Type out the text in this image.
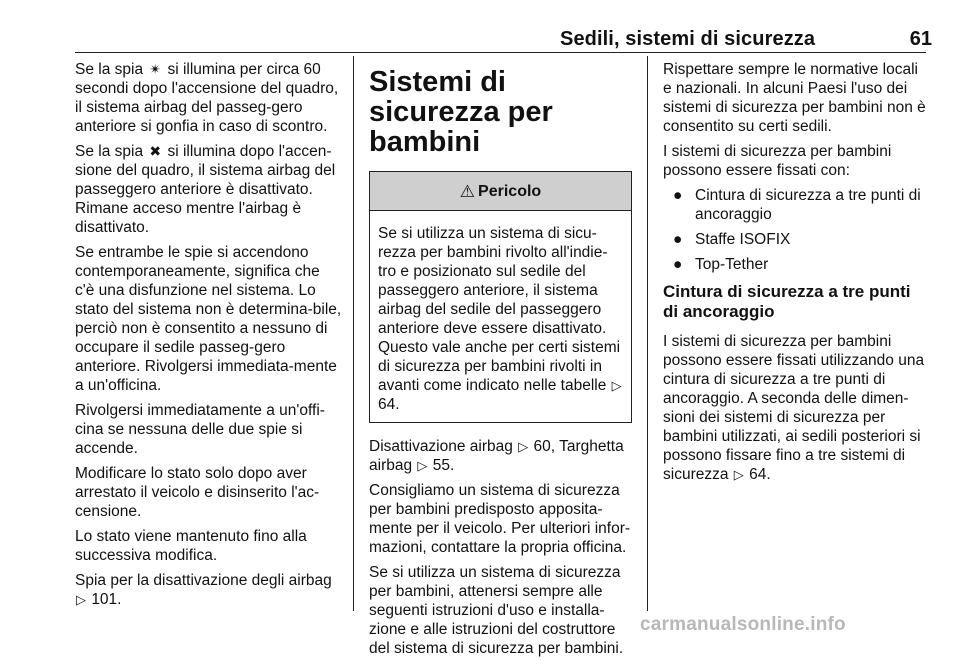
Sedili, sistemi di sicurezza	61

Se la spia ✴ si illumina per circa 60 secondi dopo l'accensione del quadro, il sistema airbag del passeg-gero anteriore si gonfia in caso di scontro.

Se la spia ✖ si illumina dopo l'accen-sione del quadro, il sistema airbag del passeggero anteriore è disattivato. Rimane acceso mentre l'airbag è disattivato.

Se entrambe le spie si accendono contemporaneamente, significa che c'è una disfunzione nel sistema. Lo stato del sistema non è determina-bile, perciò non è consentito a nessuno di occupare il sedile passeg-gero anteriore. Rivolgersi immediata-mente a un'officina.

Rivolgersi immediatamente a un'offi-cina se nessuna delle due spie si accende.

Modificare lo stato solo dopo aver arrestato il veicolo e disinserito l'ac-censione.

Lo stato viene mantenuto fino alla successiva modifica.

Spia per la disattivazione degli airbag ▷ 101.

Sistemi di sicurezza per bambini
⚠ Pericolo
Se si utilizza un sistema di sicu-rezza per bambini rivolto all'indie-tro e posizionato sul sedile del passeggero anteriore, il sistema airbag del sedile del passeggero anteriore deve essere disattivato. Questo vale anche per certi sistemi di sicurezza per bambini rivolti in avanti come indicato nelle tabelle ▷ 64.

Disattivazione airbag ▷ 60, Targhetta airbag ▷ 55.

Consigliamo un sistema di sicurezza per bambini predisposto apposita-mente per il veicolo. Per ulteriori infor-mazioni, contattare la propria officina.

Se si utilizza un sistema di sicurezza per bambini, attenersi sempre alle seguenti istruzioni d'uso e installa-zione e alle istruzioni del costruttore del sistema di sicurezza per bambini.

Rispettare sempre le normative locali e nazionali. In alcuni Paesi l'uso dei sistemi di sicurezza per bambini non è consentito su certi sedili.

I sistemi di sicurezza per bambini possono essere fissati con:

● Cintura di sicurezza a tre punti di ancoraggio
● Staffe ISOFIX
● Top-Tether
Cintura di sicurezza a tre punti di ancoraggio

I sistemi di sicurezza per bambini possono essere fissati utilizzando una cintura di sicurezza a tre punti di ancoraggio. A seconda delle dimen-sioni dei sistemi di sicurezza per bambini utilizzati, ai sedili posteriori si possono fissare fino a tre sistemi di sicurezza ▷ 64.

carmanualsonline.info
